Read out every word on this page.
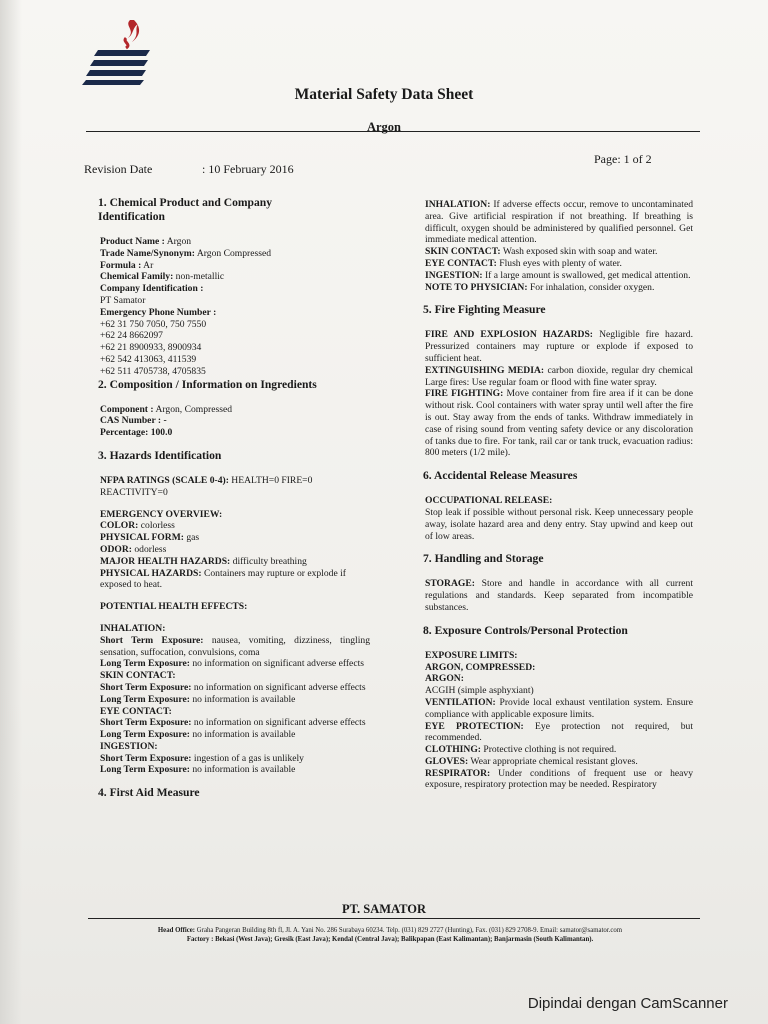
Material Safety Data Sheet
Argon
Revision Date	: 10 February 2016
Page: 1 of 2
1. Chemical Product and Company
Identification

Product Name : Argon

Trade Name/Synonym: Argon Compressed

Formula : Ar

Chemical Family: non-metallic

Company Identification :

PT Samator

Emergency Phone Number :

+62 31 750 7050, 750 7550

+62 24 8662097

+62 21 8900933, 8900934

+62 542 413063, 411539

+62 511 4705738, 4705835

2. Composition / Information on Ingredients

Component : Argon, Compressed

CAS Number : -

Percentage: 100.0

3. Hazards Identification

NFPA RATINGS (SCALE 0-4): HEALTH=0 FIRE=0

REACTIVITY=0

EMERGENCY OVERVIEW:

COLOR: colorless

PHYSICAL FORM: gas

ODOR: odorless

MAJOR HEALTH HAZARDS: difficulty breathing

PHYSICAL HAZARDS: Containers may rupture or explode if exposed to heat.

POTENTIAL HEALTH EFFECTS:

INHALATION:

Short Term Exposure: nausea, vomiting, dizziness, tingling sensation, suffocation, convulsions, coma

Long Term Exposure: no information on significant adverse effects

SKIN CONTACT:

Short Term Exposure: no information on significant adverse effects

Long Term Exposure: no information is available

EYE CONTACT:

Short Term Exposure: no information on significant adverse effects

Long Term Exposure: no information is available

INGESTION:

Short Term Exposure: ingestion of a gas is unlikely

Long Term Exposure: no information is available

4. First Aid Measure

INHALATION: If adverse effects occur, remove to uncontaminated area. Give artificial respiration if not breathing. If breathing is difficult, oxygen should be administered by qualified personnel. Get immediate medical attention.

SKIN CONTACT: Wash exposed skin with soap and water.

EYE CONTACT: Flush eyes with plenty of water.

INGESTION: If a large amount is swallowed, get medical attention.

NOTE TO PHYSICIAN: For inhalation, consider oxygen.

5. Fire Fighting Measure

FIRE AND EXPLOSION HAZARDS: Negligible fire hazard. Pressurized containers may rupture or explode if exposed to sufficient heat.

EXTINGUISHING MEDIA: carbon dioxide, regular dry chemical Large fires: Use regular foam or flood with fine water spray.

FIRE FIGHTING: Move container from fire area if it can be done without risk. Cool containers with water spray until well after the fire is out. Stay away from the ends of tanks. Withdraw immediately in case of rising sound from venting safety device or any discoloration of tanks due to fire. For tank, rail car or tank truck, evacuation radius: 800 meters (1/2 mile).

6. Accidental Release Measures

OCCUPATIONAL RELEASE:

Stop leak if possible without personal risk. Keep unnecessary people away, isolate hazard area and deny entry. Stay upwind and keep out of low areas.

7. Handling and Storage

STORAGE: Store and handle in accordance with all current regulations and standards. Keep separated from incompatible substances.

8. Exposure Controls/Personal Protection

EXPOSURE LIMITS:

ARGON, COMPRESSED:

ARGON:

ACGIH (simple asphyxiant)

VENTILATION: Provide local exhaust ventilation system. Ensure compliance with applicable exposure limits.

EYE PROTECTION: Eye protection not required, but recommended.

CLOTHING: Protective clothing is not required.

GLOVES: Wear appropriate chemical resistant gloves.

RESPIRATOR: Under conditions of frequent use or heavy exposure, respiratory protection may be needed. Respiratory

PT. SAMATOR
Head Office: Graha Pangeran Building 8th fl, Jl. A. Yani No. 286 Surabaya 60234. Telp. (031) 829 2727 (Hunting), Fax. (031) 829 2708-9. Email: samator@samator.com
Factory : Bekasi (West Java); Gresik (East Java); Kendal (Central Java); Balikpapan (East Kalimantan); Banjarmasin (South Kalimantan).
Dipindai dengan CamScanner
